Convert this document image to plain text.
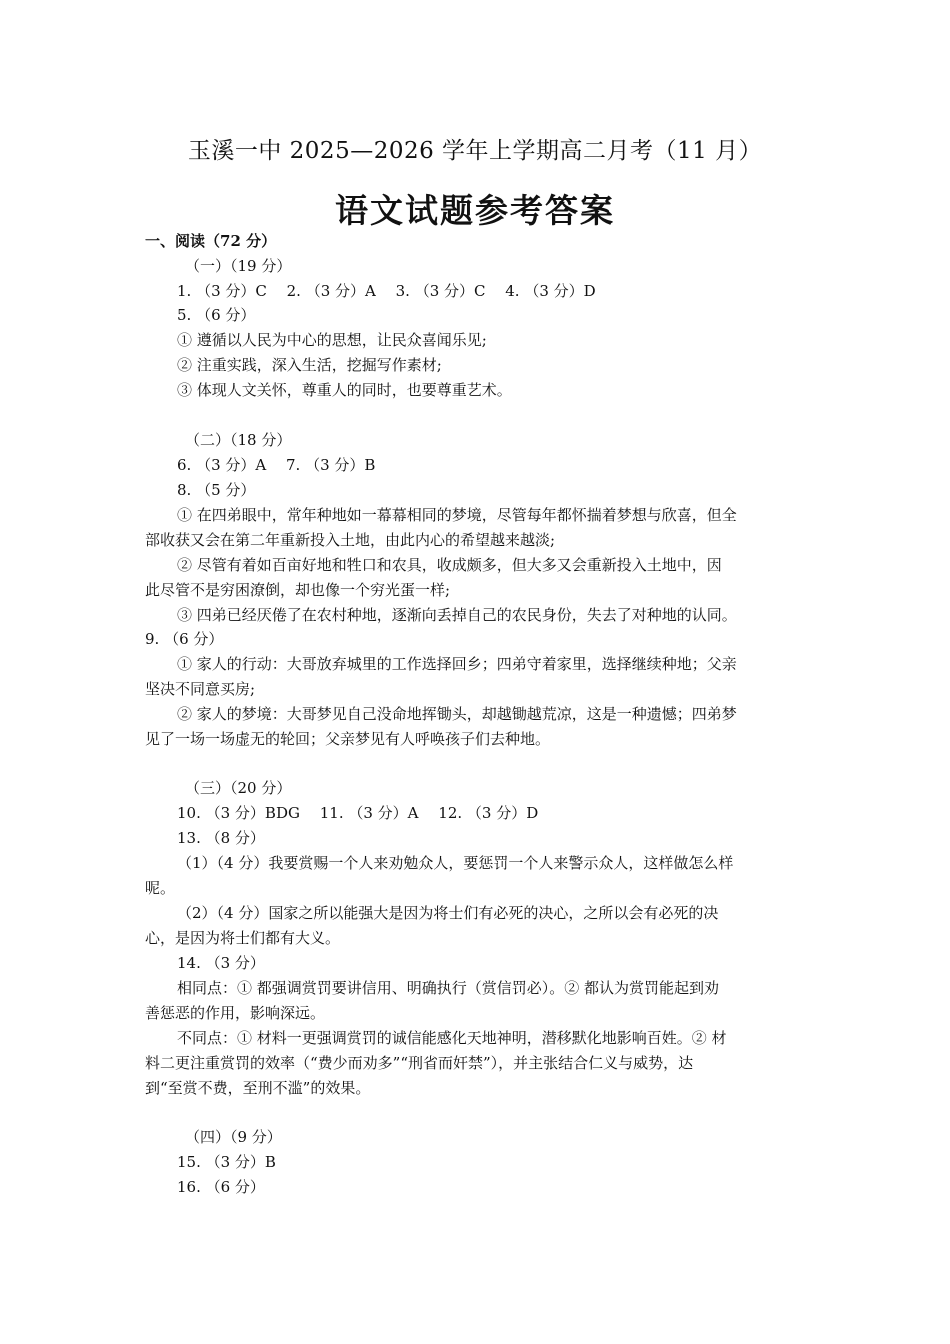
玉溪一中 2025—2026 学年上学期高二月考（11 月）
语文试题参考答案
一、阅读（72 分）
（一）（19 分）
1. （3 分）C　 2. （3 分）A　 3. （3 分）C　 4. （3 分）D
5. （6 分）
① 遵循以人民为中心的思想，让民众喜闻乐见;
② 注重实践，深入生活，挖掘写作素材;
③ 体现人文关怀，尊重人的同时，也要尊重艺术。
（二）（18 分）
6. （3 分）A　 7. （3 分）B
8. （5 分）
① 在四弟眼中，常年种地如一幕幕相同的梦境，尽管每年都怀揣着梦想与欣喜，但全
部收获又会在第二年重新投入土地，由此内心的希望越来越淡;
② 尽管有着如百亩好地和牲口和农具，收成颇多，但大多又会重新投入土地中，因
此尽管不是穷困潦倒，却也像一个穷光蛋一样;
③ 四弟已经厌倦了在农村种地，逐渐向丢掉自己的农民身份，失去了对种地的认同。
9. （6 分）
① 家人的行动：大哥放弃城里的工作选择回乡；四弟守着家里，选择继续种地；父亲
坚决不同意买房;
② 家人的梦境：大哥梦见自己没命地挥锄头，却越锄越荒凉，这是一种遗憾；四弟梦
见了一场一场虚无的轮回；父亲梦见有人呼唤孩子们去种地。
（三）（20 分）
10. （3 分）BDG　 11. （3 分）A　 12. （3 分）D
13. （8 分）
（1）（4 分）我要赏赐一个人来劝勉众人，要惩罚一个人来警示众人，这样做怎么样
呢。
（2）（4 分）国家之所以能强大是因为将士们有必死的决心，之所以会有必死的决
心，是因为将士们都有大义。
14. （3 分）
相同点：① 都强调赏罚要讲信用、明确执行（赏信罚必）。② 都认为赏罚能起到劝
善惩恶的作用，影响深远。
不同点：① 材料一更强调赏罚的诚信能感化天地神明，潜移默化地影响百姓。② 材
料二更注重赏罚的效率（“费少而劝多”“刑省而奸禁”），并主张结合仁义与威势，达
到“至赏不费，至刑不滥”的效果。
（四）（9 分）
15. （3 分）B
16. （6 分）
